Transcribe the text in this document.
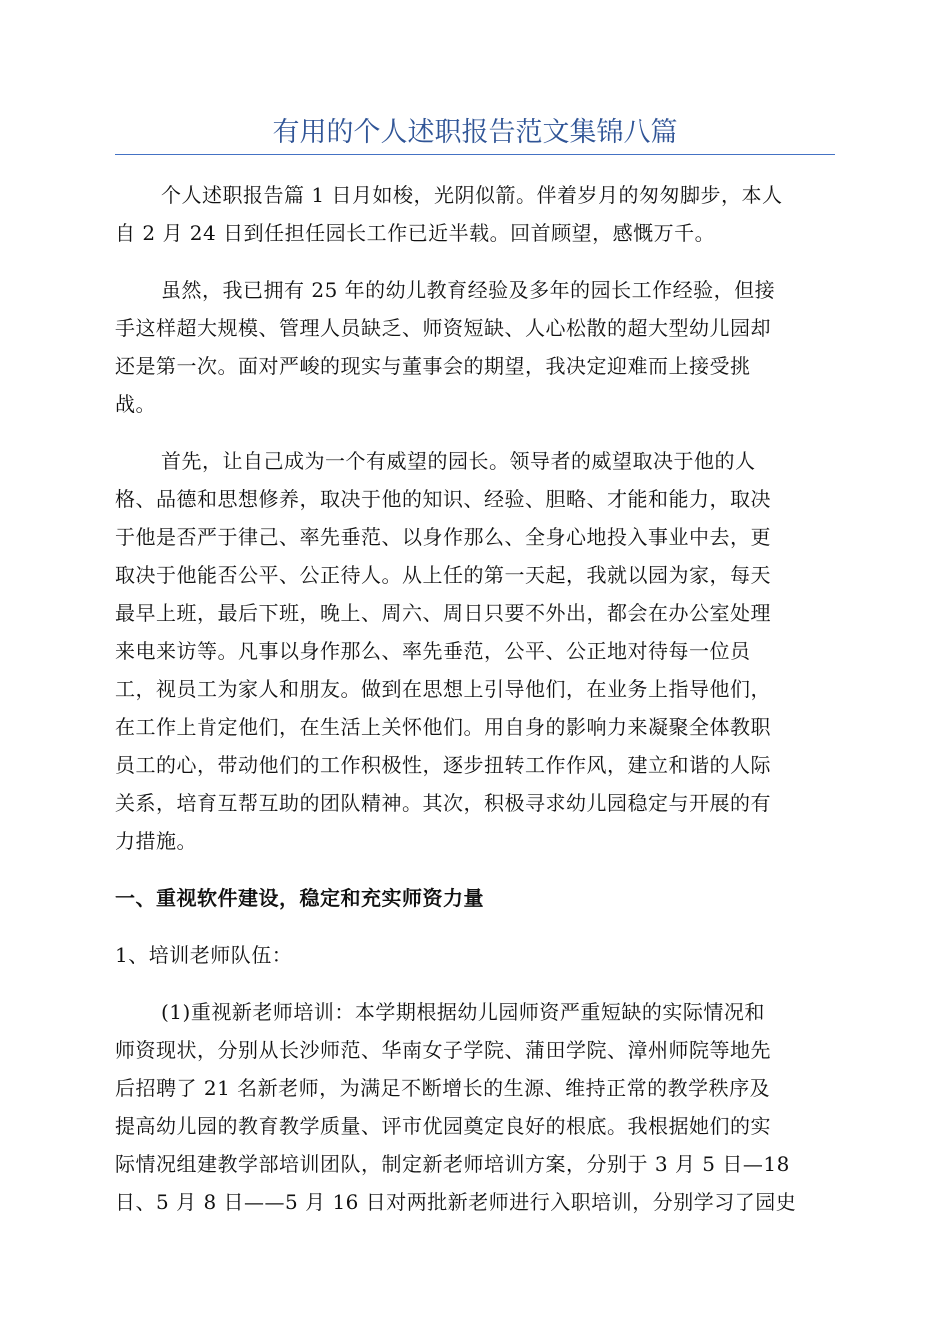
有用的个人述职报告范文集锦八篇

个人述职报告篇 1 日月如梭，光阴似箭。伴着岁月的匆匆脚步，本人
自 2 月 24 日到任担任园长工作已近半载。回首顾望，感慨万千。

虽然，我已拥有 25 年的幼儿教育经验及多年的园长工作经验，但接
手这样超大规模、管理人员缺乏、师资短缺、人心松散的超大型幼儿园却
还是第一次。面对严峻的现实与董事会的期望，我决定迎难而上接受挑
战。

首先，让自己成为一个有威望的园长。领导者的威望取决于他的人
格、品德和思想修养，取决于他的知识、经验、胆略、才能和能力，取决
于他是否严于律己、率先垂范、以身作那么、全身心地投入事业中去，更
取决于他能否公平、公正待人。从上任的第一天起，我就以园为家，每天
最早上班，最后下班，晚上、周六、周日只要不外出，都会在办公室处理
来电来访等。凡事以身作那么、率先垂范，公平、公正地对待每一位员
工，视员工为家人和朋友。做到在思想上引导他们，在业务上指导他们，
在工作上肯定他们，在生活上关怀他们。用自身的影响力来凝聚全体教职
员工的心，带动他们的工作积极性，逐步扭转工作作风，建立和谐的人际
关系，培育互帮互助的团队精神。其次，积极寻求幼儿园稳定与开展的有
力措施。

一、重视软件建设，稳定和充实师资力量
1、培训老师队伍：

(1)重视新老师培训：本学期根据幼儿园师资严重短缺的实际情况和
师资现状，分别从长沙师范、华南女子学院、蒲田学院、漳州师院等地先
后招聘了 21 名新老师，为满足不断增长的生源、维持正常的教学秩序及
提高幼儿园的教育教学质量、评市优园奠定良好的根底。我根据她们的实
际情况组建教学部培训团队，制定新老师培训方案，分别于 3 月 5 日—18
日、5 月 8 日——5 月 16 日对两批新老师进行入职培训，分别学习了园史
